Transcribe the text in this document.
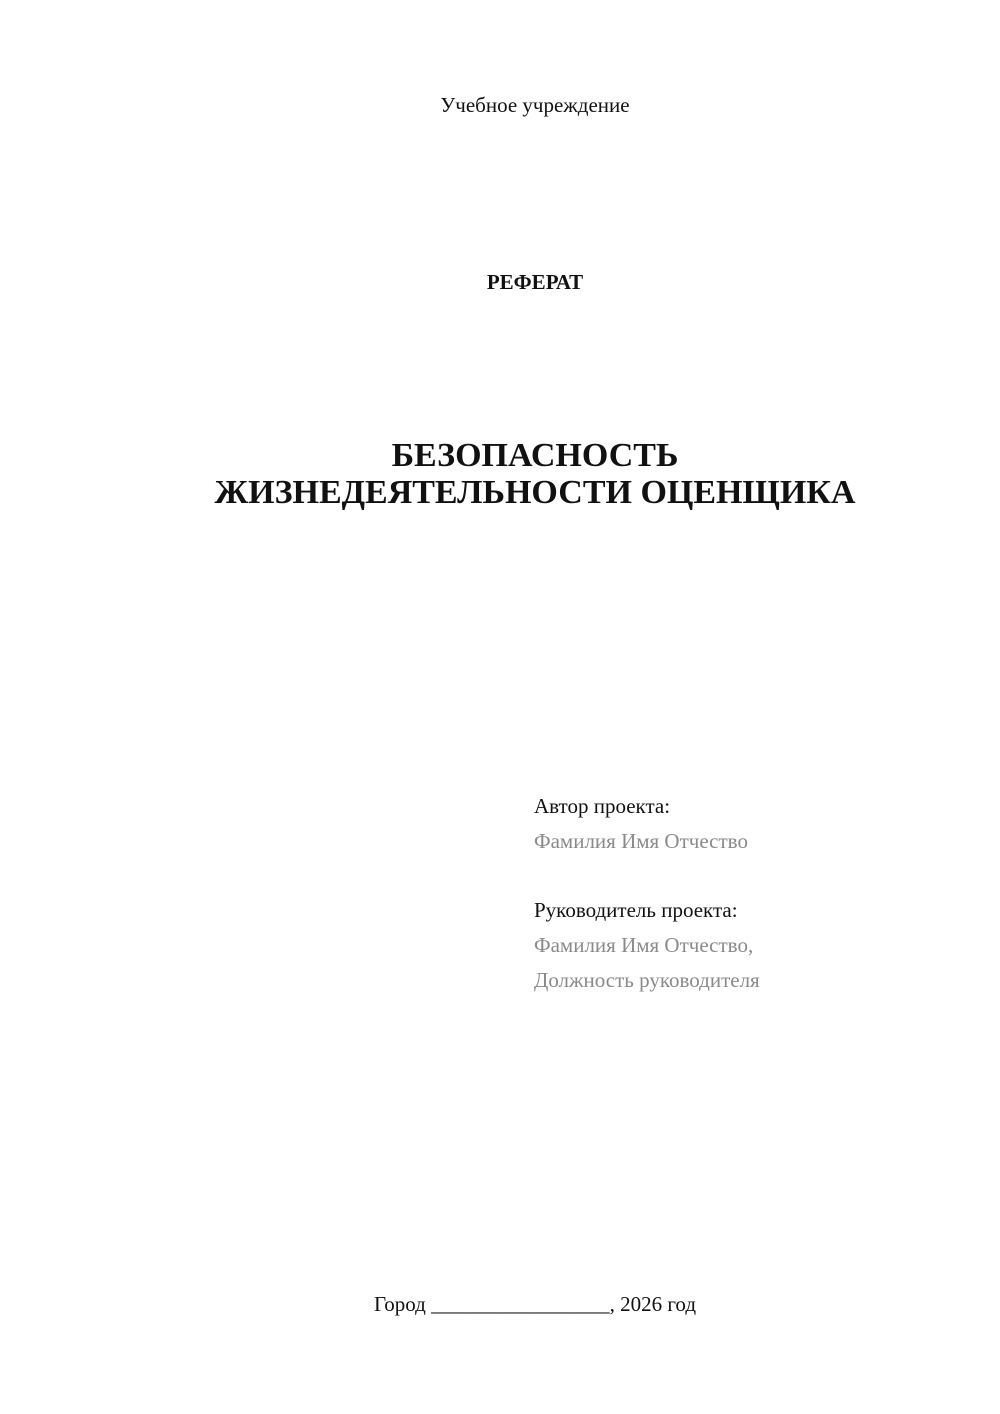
Учебное учреждение
РЕФЕРАТ
БЕЗОПАСНОСТЬ
ЖИЗНЕДЕЯТЕЛЬНОСТИ ОЦЕНЩИКА
Автор проекта:
Фамилия Имя Отчество
Руководитель проекта:
Фамилия Имя Отчество,
Должность руководителя
Город _________________, 2026 год
